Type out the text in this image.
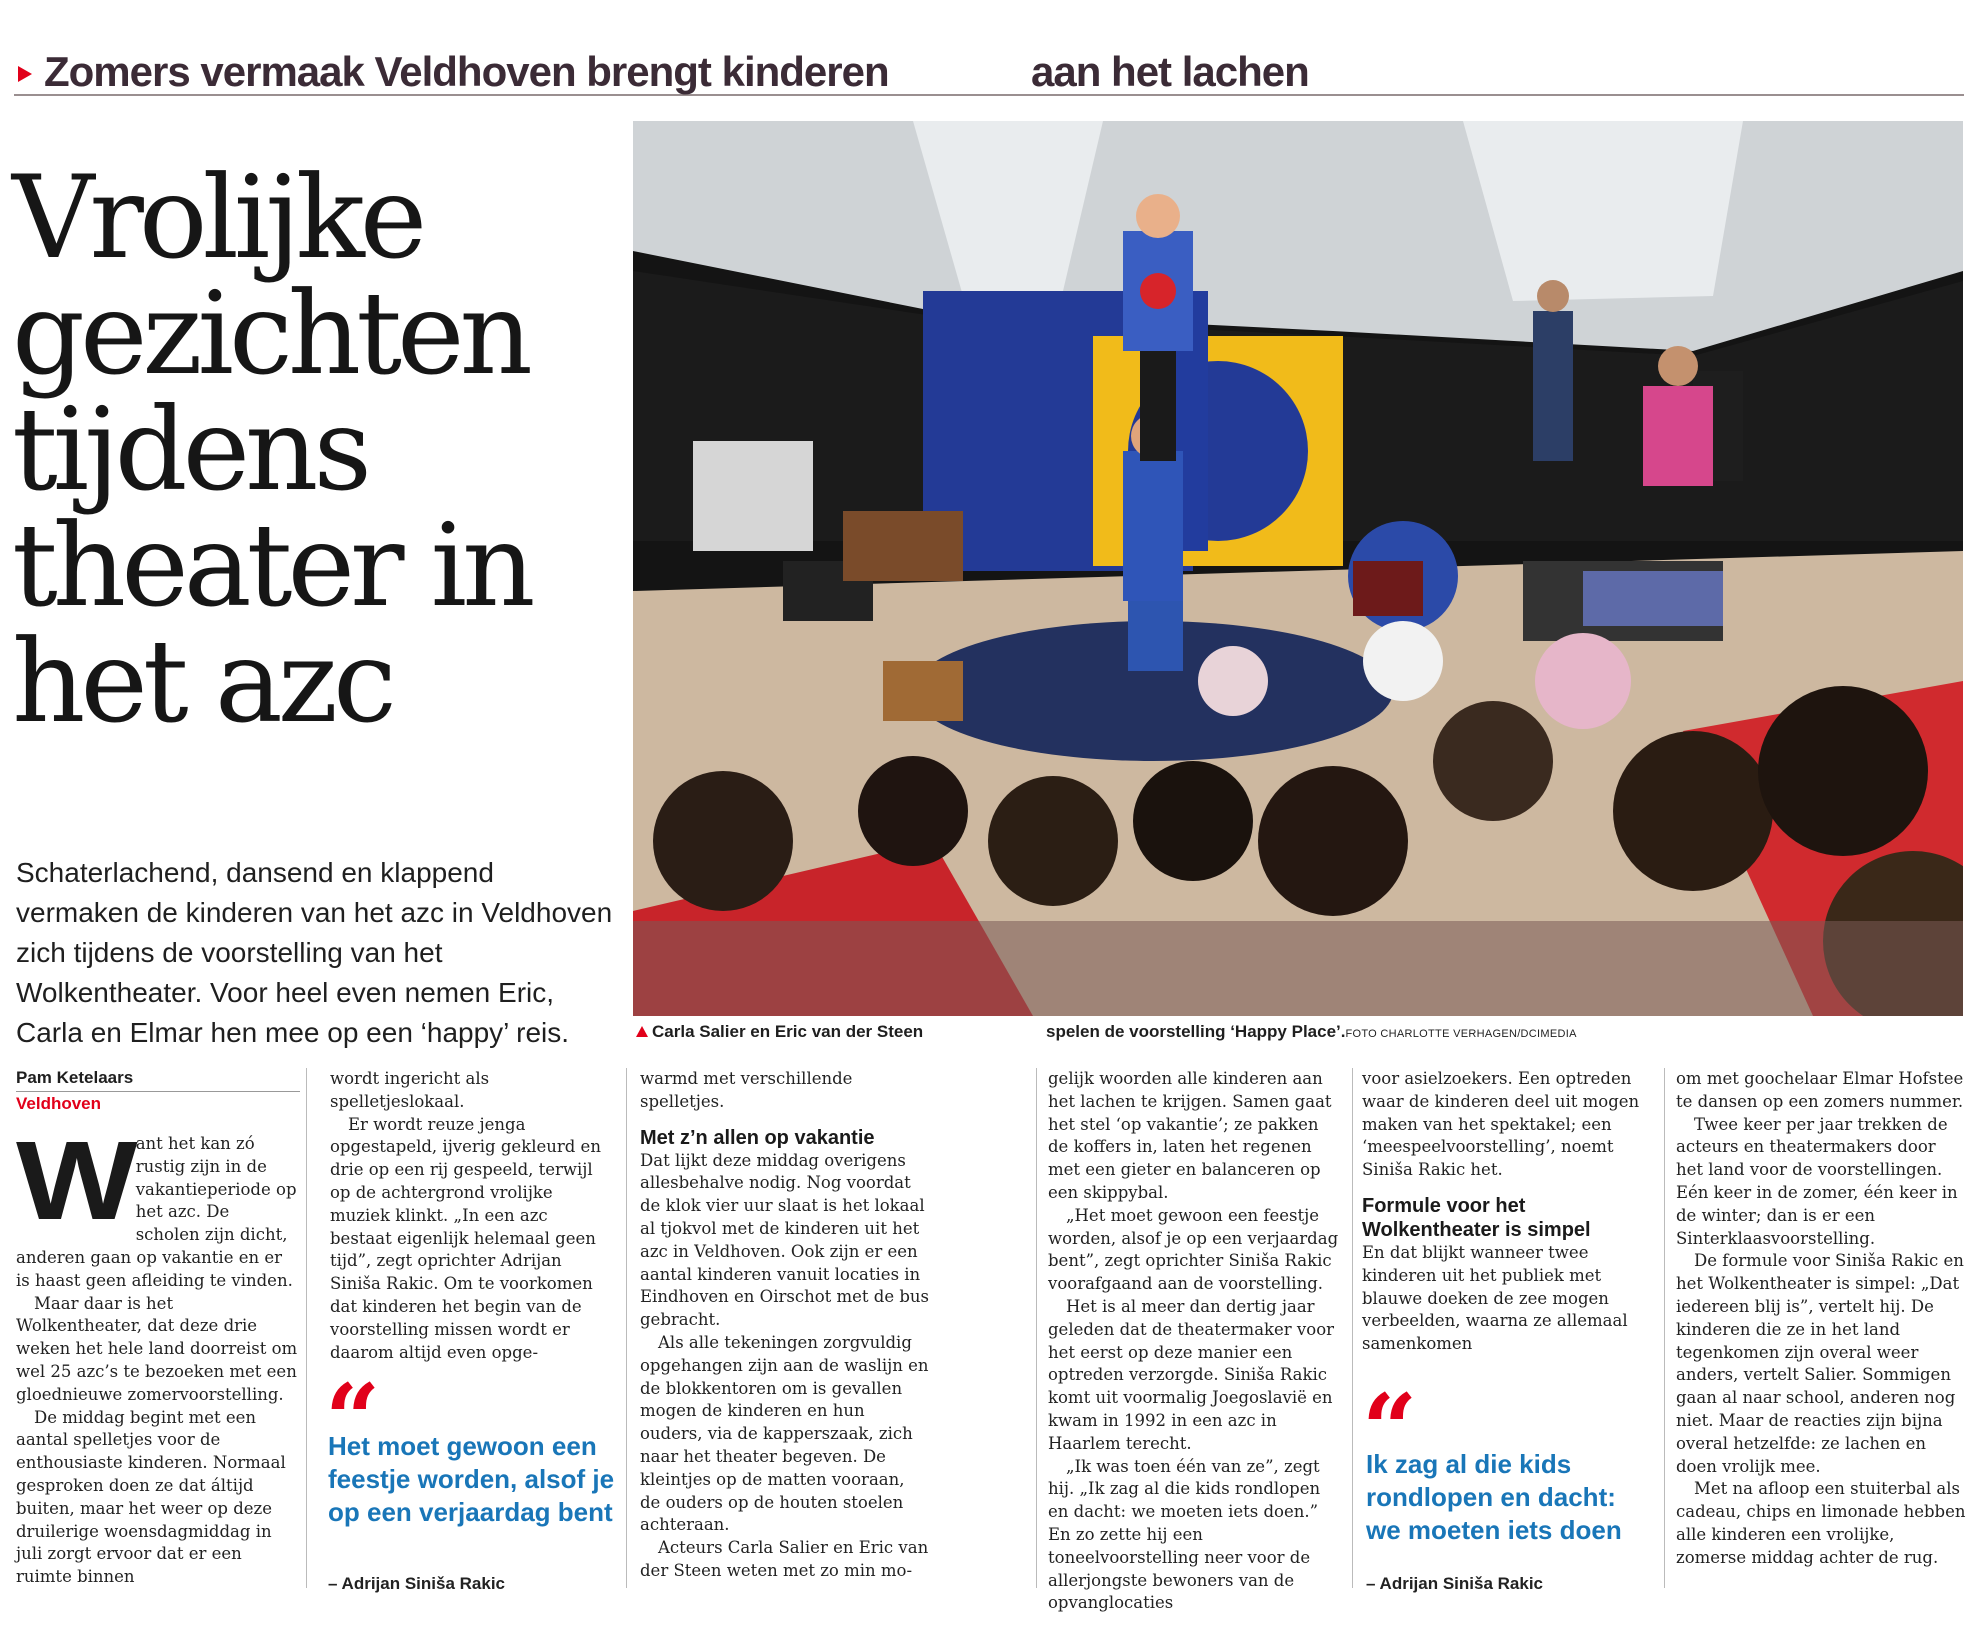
Zomers vermaak Veldhoven brengt kinderen	aan het lachen
Vrolijke gezichten tijdens theater in het azc
Schaterlachend, dansend en klappend vermaken de kinderen van het azc in Veldhoven zich tijdens de voorstelling van het Wolkentheater. Voor heel even nemen Eric, Carla en Elmar hen mee op een ‘happy’ reis.	Carla Salier en Eric van der Steen	spelen de voorstelling ‘Happy Place’.FOTO CHARLOTTE VERHAGEN/DCIMEDIA
Pam Ketelaars
Veldhoven
W ant het kan zó rustig zijn in de vakantieperiode op het azc. De scholen zijn dicht, anderen gaan op vakantie en er is haast geen afleiding te vinden.

Maar daar is het Wolkentheater, dat deze drie weken het hele land doorreist om wel 25 azc’s te bezoeken met een gloednieuwe zomervoorstelling.

De middag begint met een aantal spelletjes voor de enthousiaste kinderen. Normaal gesproken doen ze dat áltijd buiten, maar het weer op deze druilerige woensdagmiddag in juli zorgt ervoor dat er een ruimte binnen

wordt ingericht als spelletjeslokaal.

Er wordt reuze jenga opgestapeld, ijverig gekleurd en drie op een rij gespeeld, terwijl op de achtergrond vrolijke muziek klinkt. „In een azc bestaat eigenlijk helemaal geen tijd”, zegt oprichter Adrijan Siniša Rakic. Om te voorkomen dat kinderen het begin van de voorstelling missen wordt er daarom altijd even opge-

“
Het moet gewoon een feestje worden, alsof je op een verjaardag bent
– Adrijan Siniša Rakic

warmd met verschillende spelletjes.

Met z’n allen op vakantie

Dat lijkt deze middag overigens allesbehalve nodig. Nog voordat de klok vier uur slaat is het lokaal al tjokvol met de kinderen uit het azc in Veldhoven. Ook zijn er een aantal kinderen vanuit locaties in Eindhoven en Oirschot met de bus gebracht.

Als alle tekeningen zorgvuldig opgehangen zijn aan de waslijn en de blokkentoren om is gevallen mogen de kinderen en hun ouders, via de kapperszaak, zich naar het theater begeven. De kleintjes op de matten vooraan, de ouders op de houten stoelen achteraan.

Acteurs Carla Salier en Eric van der Steen weten met zo min mo-

gelijk woorden alle kinderen aan het lachen te krijgen. Samen gaat het stel ‘op vakantie’; ze pakken de koffers in, laten het regenen met een gieter en balanceren op een skippybal.

„Het moet gewoon een feestje worden, alsof je op een verjaardag bent”, zegt oprichter Siniša Rakic voorafgaand aan de voorstelling.

Het is al meer dan dertig jaar geleden dat de theatermaker voor het eerst op deze manier een optreden verzorgde. Siniša Rakic komt uit voormalig Joegoslavië en kwam in 1992 in een azc in Haarlem terecht.

„Ik was toen één van ze”, zegt hij. „Ik zag al die kids rondlopen en dacht: we moeten iets doen.” En zo zette hij een toneelvoorstelling neer voor de allerjongste bewoners van de opvanglocaties

voor asielzoekers. Een optreden waar de kinderen deel uit mogen maken van het spektakel; een ‘meespeelvoorstelling’, noemt Siniša Rakic het.

Formule voor het Wolkentheater is simpel

En dat blijkt wanneer twee kinderen uit het publiek met blauwe doeken de zee mogen verbeelden, waarna ze allemaal samenkomen

“
Ik zag al die kids rondlopen en dacht: we moeten iets doen
– Adrijan Siniša Rakic

om met goochelaar Elmar Hofstee te dansen op een zomers nummer.

Twee keer per jaar trekken de acteurs en theatermakers door het land voor de voorstellingen. Eén keer in de zomer, één keer in de winter; dan is er een Sinterklaasvoorstelling.

De formule voor Siniša Rakic en het Wolkentheater is simpel: „Dat iedereen blij is”, vertelt hij. De kinderen die ze in het land tegenkomen zijn overal weer anders, vertelt Salier. Sommigen gaan al naar school, anderen nog niet. Maar de reacties zijn bijna overal hetzelfde: ze lachen en doen vrolijk mee.

Met na afloop een stuiterbal als cadeau, chips en limonade hebben alle kinderen een vrolijke, zomerse middag achter de rug.
